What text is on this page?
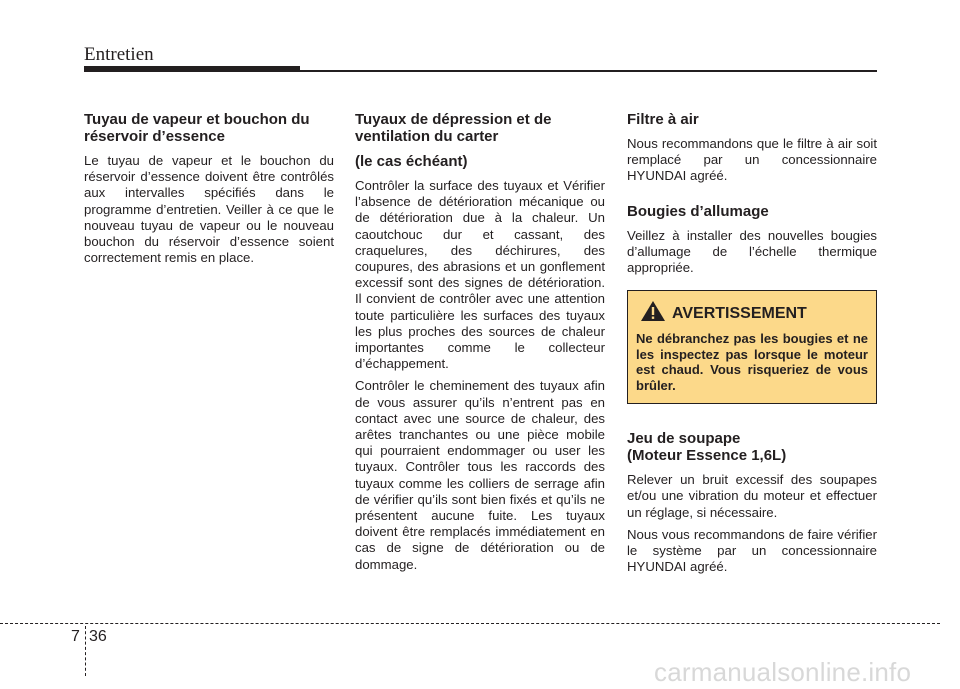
Entretien
Tuyau de vapeur et bouchon du réservoir d’essence

Le tuyau de vapeur et le bouchon du réservoir d’essence doivent être contrôlés aux intervalles spécifiés dans le programme d’entretien. Veiller à ce que le nouveau tuyau de vapeur ou le nouveau bouchon du réservoir d’essence soient correctement remis en place.

Tuyaux de dépression et de ventilation du carter
(le cas échéant)

Contrôler la surface des tuyaux et Vérifier l’absence de détérioration mécanique ou de détérioration due à la chaleur. Un caoutchouc dur et cassant, des craquelures, des déchirures, des coupures, des abrasions et un gonflement excessif sont des signes de détérioration. Il convient de contrôler avec une attention toute particulière les surfaces des tuyaux les plus proches des sources de chaleur importantes comme le collecteur d’échappement.

Contrôler le cheminement des tuyaux afin de vous assurer qu’ils n’entrent pas en contact avec une source de chaleur, des arêtes tranchantes ou une pièce mobile qui pourraient endommager ou user les tuyaux. Contrôler tous les raccords des tuyaux comme les colliers de serrage afin de vérifier qu’ils sont bien fixés et qu’ils ne présentent aucune fuite. Les tuyaux doivent être remplacés immédiatement en cas de signe de détérioration ou de dommage.

Filtre à air

Nous recommandons que le filtre à air soit remplacé par un concessionnaire HYUNDAI agréé.

Bougies d’allumage

Veillez à installer des nouvelles bougies d’allumage de l’échelle thermique appropriée.

AVERTISSEMENT

Ne débranchez pas les bougies et ne les inspectez pas lorsque le moteur est chaud. Vous risqueriez de vous brûler.

Jeu de soupape
(Moteur Essence 1,6L)

Relever un bruit excessif des soupapes et/ou une vibration du moteur et effectuer un réglage, si nécessaire.

Nous vous recommandons de faire vérifier le système par un concessionnaire HYUNDAI agréé.

7 36
carmanualsonline.info
